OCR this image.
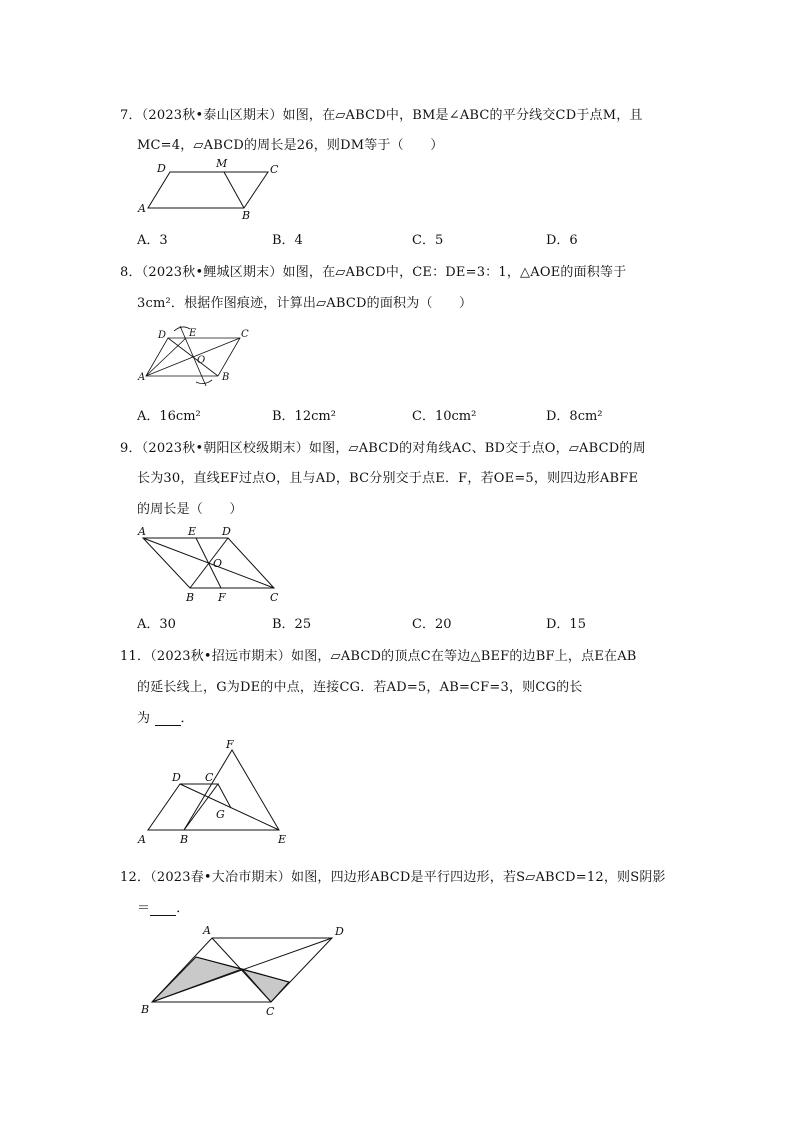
7．（2023秋•泰山区期末）如图，在▱ABCD中，BM是∠ABC的平分线交CD于点M，且
MC=4，▱ABCD的周长是26，则DM等于（　　）
D	M	C
A
B
A．3	B．4	C．5	D．6
8．（2023秋•鲤城区期末）如图，在▱ABCD中，CE：DE=3：1，△AOE的面积等于
3cm²．根据作图痕迹，计算出▱ABCD的面积为（　　）
D E	C
O
A	B
A．16cm²	B．12cm²	C．10cm²	D．8cm²
9．（2023秋•朝阳区校级期末）如图，▱ABCD的对角线AC、BD交于点O，▱ABCD的周
长为30，直线EF过点O，且与AD，BC分别交于点E．F，若OE=5，则四边形ABFE
的周长是（　　）
A	E D
O
B F	C
A．30	B．25	C．20	D．15
11．（2023秋•招远市期末）如图，▱ABCD的顶点C在等边△BEF的边BF上，点E在AB
的延长线上，G为DE的中点，连接CG．若AD=5，AB=CF=3，则CG的长
为 ．
F
D C
G
A	B	E
12．（2023春•大冶市期末）如图，四边形ABCD是平行四边形，若S▱ABCD=12，则S阴影
＝ ．
A	D
B	C
